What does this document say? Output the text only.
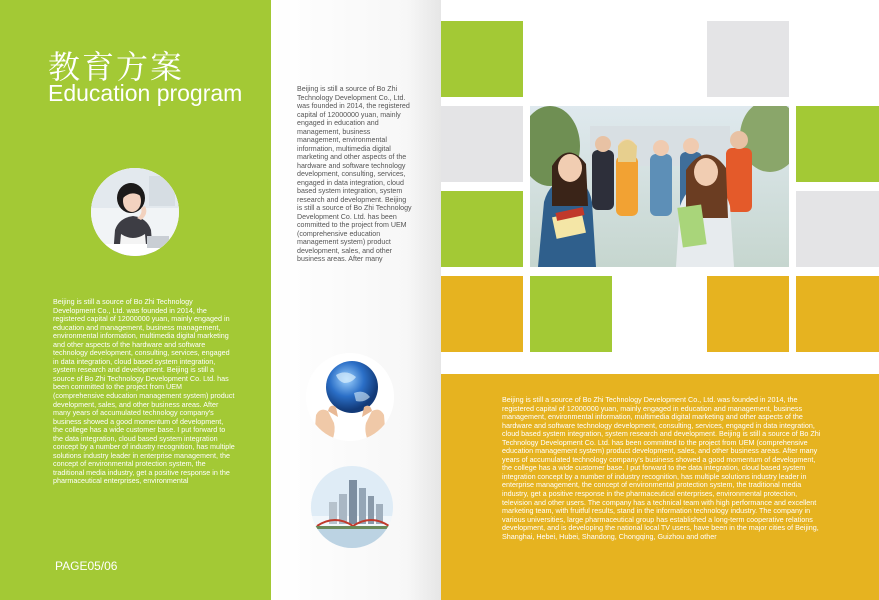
教育方案
Education program
Beijing is still a source of Bo Zhi Technology Development Co., Ltd. was founded in 2014, the registered capital of 12000000 yuan, mainly engaged in education and management, business management, environmental information, multimedia digital marketing and other aspects of the hardware and software technology development, consulting, services, engaged in data integration, cloud based system integration, system research and development. Beijing is still a source of Bo Zhi Technology Development Co. Ltd. has been committed to the project from UEM (comprehensive education management system) product development, sales, and other business areas. After many years of accumulated technology company's business showed a good momentum of development, the college has a wide customer base. I put forward to the data integration, cloud based system integration concept by a number of industry recognition, has multiple solutions industry leader in enterprise management, the concept of environmental protection system, the traditional media industry, get a positive response in the pharmaceutical enterprises, environmental
PAGE05/06
Beijing is still a source of Bo Zhi Technology Development Co., Ltd. was founded in 2014, the registered capital of 12000000 yuan, mainly engaged in education and management, business management, environmental information, multimedia digital marketing and other aspects of the hardware and software technology development, consulting, services, engaged in data integration, cloud based system integration, system research and development. Beijing is still a source of Bo Zhi Technology Development Co. Ltd. has been committed to the project from UEM (comprehensive education management system) product development, sales, and other business areas. After many
Beijing is still a source of Bo Zhi Technology Development Co., Ltd. was founded in 2014, the registered capital of 12000000 yuan, mainly engaged in education and management, business management, environmental information, multimedia digital marketing and other aspects of the hardware and software technology development, consulting, services, engaged in data integration, cloud based system integration, system research and development. Beijing is still a source of Bo Zhi Technology Development Co. Ltd. has been committed to the project from UEM (comprehensive education management system) product development, sales, and other business areas. After many years of accumulated technology company's business showed a good momentum of development, the college has a wide customer base. I put forward to the data integration, cloud based system integration concept by a number of industry recognition, has multiple solutions industry leader in enterprise management, the concept of environmental protection system, the traditional media industry, get a positive response in the pharmaceutical enterprises, environmental protection, television and other users. The company has a technical team with high performance and excellent marketing team, with fruitful results, stand in the information technology industry. The company in various universities, large pharmaceutical group has established a long-term cooperative relations development, and is developing the national local TV users, have been in the major cities of Beijing, Shanghai, Hebei, Hubei, Shandong, Chongqing, Guizhou and other
